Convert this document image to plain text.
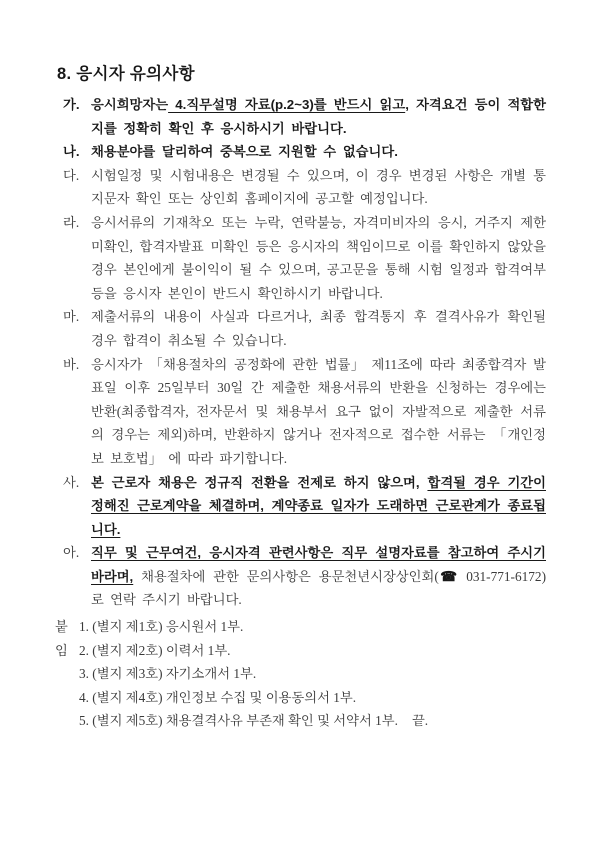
8. 응시자 유의사항
가. 응시희망자는 4.직무설명 자료(p.2~3)를 반드시 읽고, 자격요건 등이 적합한지를 정확히 확인 후 응시하시기 바랍니다.

나. 채용분야를 달리하여 중복으로 지원할 수 없습니다.

다. 시험일정 및 시험내용은 변경될 수 있으며, 이 경우 변경된 사항은 개별 통지문자 확인 또는 상인회 홈페이지에 공고할 예정입니다.

라. 응시서류의 기재착오 또는 누락, 연락불능, 자격미비자의 응시, 거주지 제한 미확인, 합격자발표 미확인 등은 응시자의 책임이므로 이를 확인하지 않았을 경우 본인에게 불이익이 될 수 있으며, 공고문을 통해 시험 일정과 합격여부 등을 응시자 본인이 반드시 확인하시기 바랍니다.

마. 제출서류의 내용이 사실과 다르거나, 최종 합격통지 후 결격사유가 확인될 경우 합격이 취소될 수 있습니다.

바. 응시자가 「채용절차의 공정화에 관한 법률」 제11조에 따라 최종합격자 발표일 이후 25일부터 30일 간 제출한 채용서류의 반환을 신청하는 경우에는 반환(최종합격자, 전자문서 및 채용부서 요구 없이 자발적으로 제출한 서류의 경우는 제외)하며, 반환하지 않거나 전자적으로 접수한 서류는 「개인정보 보호법」 에 따라 파기합니다.

사. 본 근로자 채용은 정규직 전환을 전제로 하지 않으며, 합격될 경우 기간이 정해진 근로계약을 체결하며, 계약종료 일자가 도래하면 근로관계가 종료됩니다.

아. 직무 및 근무여건, 응시자격 관련사항은 직무 설명자료를 참고하여 주시기 바라며, 채용절차에 관한 문의사항은 용문천년시장상인회(☎ 031-771-6172)로 연락 주시기 바랍니다.

붙임
1. (별지 제1호) 응시원서 1부.
2. (별지 제2호) 이력서 1부.
3. (별지 제3호) 자기소개서 1부.
4. (별지 제4호) 개인정보 수집 및 이용동의서 1부.
5. (별지 제5호) 채용결격사유 부존재 확인 및 서약서 1부. 끝.
